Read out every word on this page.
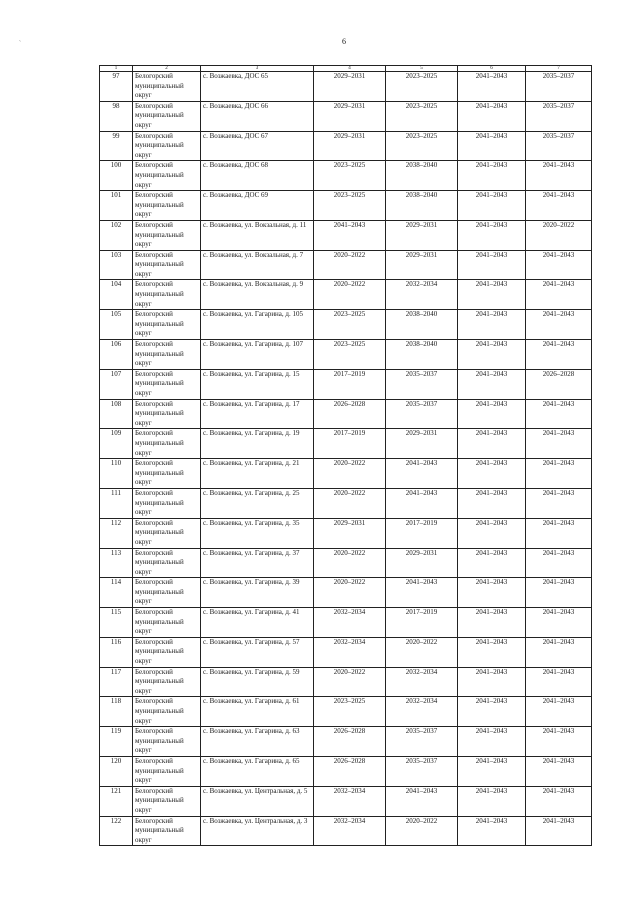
`	6
1	2	3	4	5	6	7
97	Белогорский муниципальный округ	с. Возжаевка, ДОС 65	2029–2031	2023–2025	2041–2043	2035–2037
98	Белогорский муниципальный округ	с. Возжаевка, ДОС 66	2029–2031	2023–2025	2041–2043	2035–2037
99	Белогорский муниципальный округ	с. Возжаевка, ДОС 67	2029–2031	2023–2025	2041–2043	2035–2037
100	Белогорский муниципальный округ	с. Возжаевка, ДОС 68	2023–2025	2038–2040	2041–2043	2041–2043
101	Белогорский муниципальный округ	с. Возжаевка, ДОС 69	2023–2025	2038–2040	2041–2043	2041–2043
102	Белогорский муниципальный округ	с. Возжаевка, ул. Вокзальная, д. 11	2041–2043	2029–2031	2041–2043	2020–2022
103	Белогорский муниципальный округ	с. Возжаевка, ул. Вокзальная, д. 7	2020–2022	2029–2031	2041–2043	2041–2043
104	Белогорский муниципальный округ	с. Возжаевка, ул. Вокзальная, д. 9	2020–2022	2032–2034	2041–2043	2041–2043
105	Белогорский муниципальный округ	с. Возжаевка, ул. Гагарина, д. 105	2023–2025	2038–2040	2041–2043	2041–2043
106	Белогорский муниципальный округ	с. Возжаевка, ул. Гагарина, д. 107	2023–2025	2038–2040	2041–2043	2041–2043
107	Белогорский муниципальный округ	с. Возжаевка, ул. Гагарина, д. 15	2017–2019	2035–2037	2041–2043	2026–2028
108	Белогорский муниципальный округ	с. Возжаевка, ул. Гагарина, д. 17	2026–2028	2035–2037	2041–2043	2041–2043
109	Белогорский муниципальный округ	с. Возжаевка, ул. Гагарина, д. 19	2017–2019	2029–2031	2041–2043	2041–2043
110	Белогорский муниципальный округ	с. Возжаевка, ул. Гагарина, д. 21	2020–2022	2041–2043	2041–2043	2041–2043
111	Белогорский муниципальный округ	с. Возжаевка, ул. Гагарина, д. 25	2020–2022	2041–2043	2041–2043	2041–2043
112	Белогорский муниципальный округ	с. Возжаевка, ул. Гагарина, д. 35	2029–2031	2017–2019	2041–2043	2041–2043
113	Белогорский муниципальный округ	с. Возжаевка, ул. Гагарина, д. 37	2020–2022	2029–2031	2041–2043	2041–2043
114	Белогорский муниципальный округ	с. Возжаевка, ул. Гагарина, д. 39	2020–2022	2041–2043	2041–2043	2041–2043
115	Белогорский муниципальный округ	с. Возжаевка, ул. Гагарина, д. 41	2032–2034	2017–2019	2041–2043	2041–2043
116	Белогорский муниципальный округ	с. Возжаевка, ул. Гагарина, д. 57	2032–2034	2020–2022	2041–2043	2041–2043
117	Белогорский муниципальный округ	с. Возжаевка, ул. Гагарина, д. 59	2020–2022	2032–2034	2041–2043	2041–2043
118	Белогорский муниципальный округ	с. Возжаевка, ул. Гагарина, д. 61	2023–2025	2032–2034	2041–2043	2041–2043
119	Белогорский муниципальный округ	с. Возжаевка, ул. Гагарина, д. 63	2026–2028	2035–2037	2041–2043	2041–2043
120	Белогорский муниципальный округ	с. Возжаевка, ул. Гагарина, д. 65	2026–2028	2035–2037	2041–2043	2041–2043
121	Белогорский муниципальный округ	с. Возжаевка, ул. Центральная, д. 5	2032–2034	2041–2043	2041–2043	2041–2043
122	Белогорский муниципальный округ	с. Возжаевка, ул. Центральная, д. 3	2032–2034	2020–2022	2041–2043	2041–2043
